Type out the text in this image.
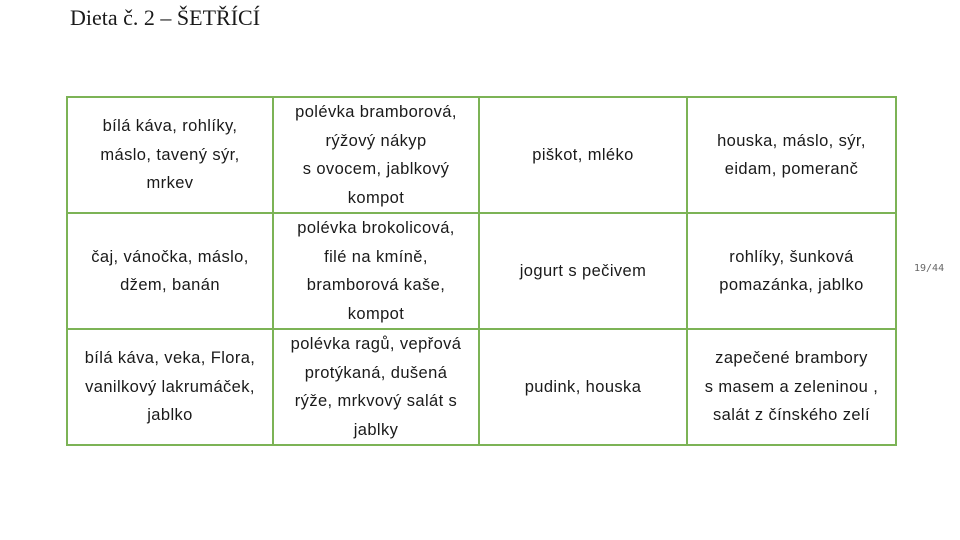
Dieta č. 2 – ŠETŘÍCÍ
bílá káva, rohlíky,
máslo, tavený sýr,
mrkev	polévka bramborová,
rýžový nákyp
s ovocem, jablkový
kompot	piškot, mléko	houska, máslo, sýr,
eidam, pomeranč

čaj, vánočka, máslo,
džem, banán	polévka brokolicová,
filé na kmíně,
bramborová kaše,
kompot	jogurt s pečivem	rohlíky, šunková
pomazánka, jablko

bílá káva, veka, Flora,
vanilkový lakrumáček,
jablko	polévka ragů, vepřová
protýkaná, dušená
rýže, mrkvový salát s
jablky	pudink, houska	zapečené brambory
s masem a zeleninou ,
salát z čínského zelí
19/44
